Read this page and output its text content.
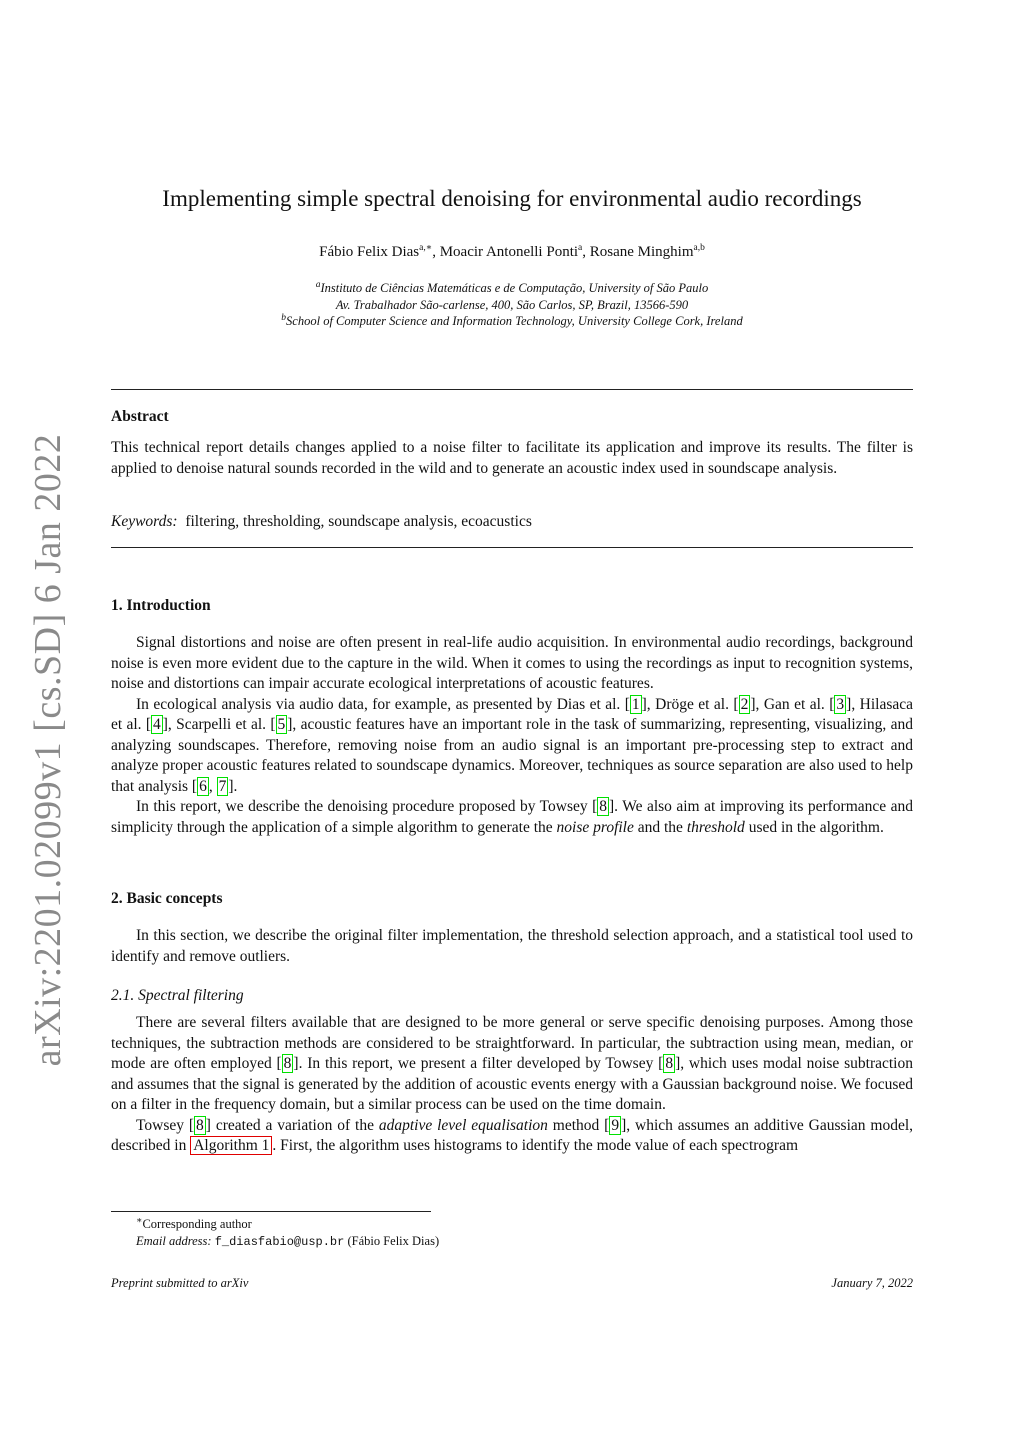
arXiv:2201.02099v1 [cs.SD] 6 Jan 2022
Implementing simple spectral denoising for environmental audio recordings
Fábio Felix Dias$^{a,∗}$, Moacir Antonelli Ponti$^a$, Rosane Minghim$^{a,b}$
$^a$Instituto de Ciências Matemáticas e de Computação, University of São Paulo
Av. Trabalhador São-carlense, 400, São Carlos, SP, Brazil, 13566-590
$^b$School of Computer Science and Information Technology, University College Cork, Ireland
Abstract
This technical report details changes applied to a noise filter to facilitate its application and improve its results. The filter is applied to denoise natural sounds recorded in the wild and to generate an acoustic index used in soundscape analysis.
Keywords: filtering, thresholding, soundscape analysis, ecoacustics
1. Introduction

Signal distortions and noise are often present in real-life audio acquisition. In environmental audio recordings, background noise is even more evident due to the capture in the wild. When it comes to using the recordings as input to recognition systems, noise and distortions can impair accurate ecological interpretations of acoustic features.

In ecological analysis via audio data, for example, as presented by Dias et al. [ 1 ], Dröge et al. [ 2 ], Gan et al. [ 3 ], Hilasaca et al. [ 4 ], Scarpelli et al. [ 5 ], acoustic features have an important role in the task of summarizing, representing, visualizing, and analyzing soundscapes. Therefore, removing noise from an audio signal is an important pre-processing step to extract and analyze proper acoustic features related to soundscape dynamics. Moreover, techniques as source separation are also used to help that analysis [ 6 , 7 ].

In this report, we describe the denoising procedure proposed by Towsey [ 8 ]. We also aim at improving its performance and simplicity through the application of a simple algorithm to generate the noise profile and the threshold used in the algorithm.

2. Basic concepts
In this section, we describe the original filter implementation, the threshold selection approach, and a statistical tool used to identify and remove outliers.
2.1. Spectral filtering

There are several filters available that are designed to be more general or serve specific denoising purposes. Among those techniques, the subtraction methods are considered to be straightforward. In particular, the subtraction using mean, median, or mode are often employed [ 8 ]. In this report, we present a filter developed by Towsey [ 8 ], which uses modal noise subtraction and assumes that the signal is generated by the addition of acoustic events energy with a Gaussian background noise. We focused on a filter in the frequency domain, but a similar process can be used on the time domain.

Towsey [ 8 ] created a variation of the adaptive level equalisation method [ 9 ], which assumes an additive Gaussian model, described in Algorithm 1 . First, the algorithm uses histograms to identify the mode value of each spectrogram

∗Corresponding author
Email address: f_diasfabio@usp.br (Fábio Felix Dias)
Preprint submitted to arXiv	January 7, 2022
